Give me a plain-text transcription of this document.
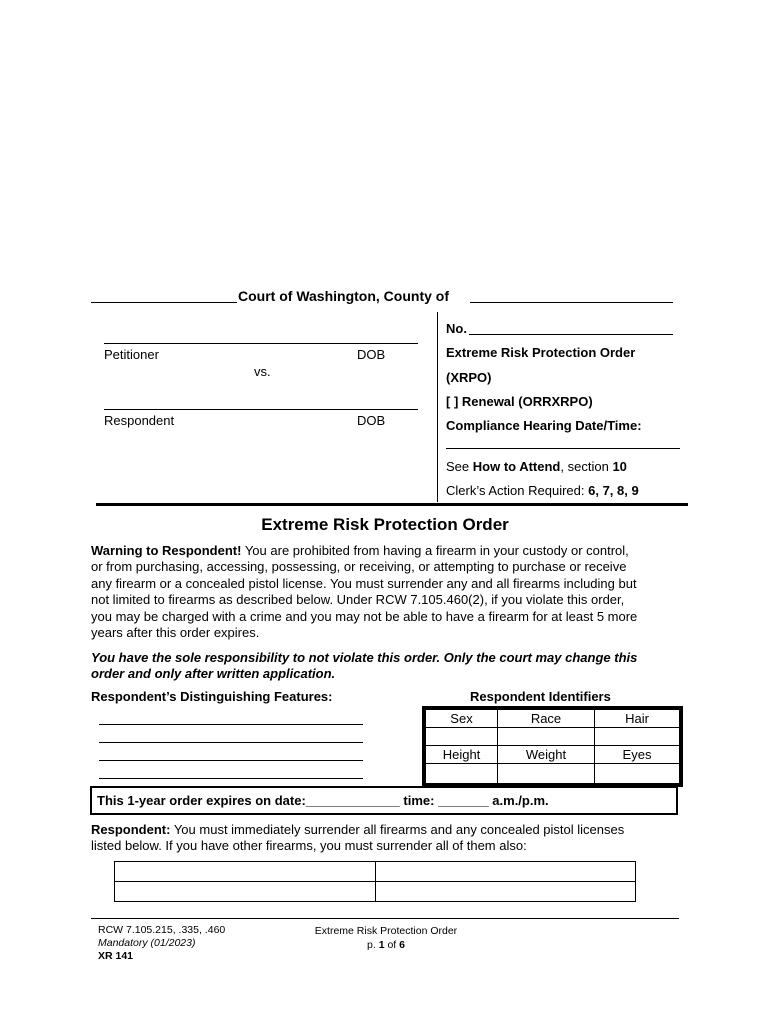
Court of Washington, County of
Petitioner	DOB
vs.
Respondent	DOB
No.
Extreme Risk Protection Order
(XRPO)
[ ] Renewal (ORRXRPO)
Compliance Hearing Date/Time:
See How to Attend, section 10
Clerk’s Action Required: 6, 7, 8, 9
Extreme Risk Protection Order
Warning to Respondent! You are prohibited from having a firearm in your custody or control,
or from purchasing, accessing, possessing, or receiving, or attempting to purchase or receive
any firearm or a concealed pistol license. You must surrender any and all firearms including but
not limited to firearms as described below. Under RCW 7.105.460(2), if you violate this order,
you may be charged with a crime and you may not be able to have a firearm for at least 5 more
years after this order expires.
You have the sole responsibility to not violate this order. Only the court may change this
order and only after written application.
Respondent’s Distinguishing Features:	Respondent Identifiers
Sex	Race	Hair

Height	Weight	Eyes

This 1-year order expires on date:_____________ time: _______ a.m./p.m.
Respondent: You must immediately surrender all firearms and any concealed pistol licenses
listed below. If you have other firearms, you must surrender all of them also:

RCW 7.105.215, .335, .460
Mandatory (01/2023)
XR 141
Extreme Risk Protection Order
p. 1 of 6
